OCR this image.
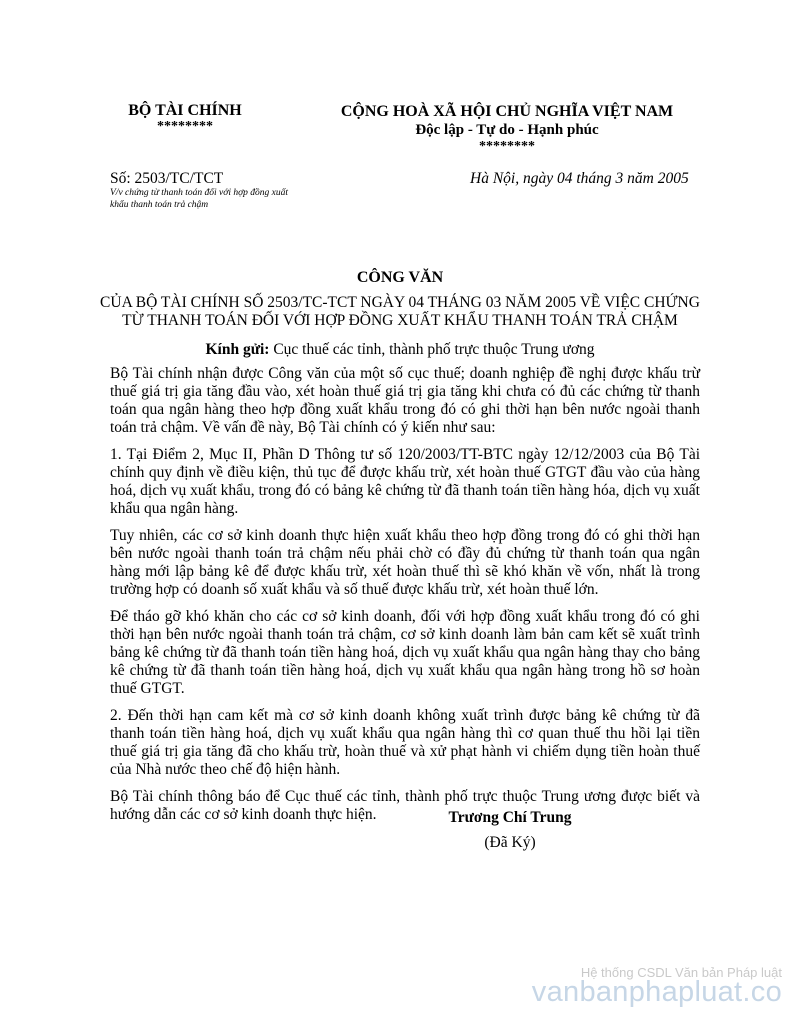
BỘ TÀI CHÍNH
********
CỘNG HOÀ XÃ HỘI CHỦ NGHĨA VIỆT NAM
Độc lập - Tự do - Hạnh phúc
********
Số: 2503/TC/TCT
V/v chứng từ thanh toán đối với hợp đồng xuất
khẩu thanh toán trả chậm
Hà Nội, ngày 04 tháng 3 năm 2005
CÔNG VĂN
CỦA BỘ TÀI CHÍNH SỐ 2503/TC-TCT NGÀY 04 THÁNG 03 NĂM 2005 VỀ VIỆC CHỨNG
TỪ THANH TOÁN ĐỐI VỚI HỢP ĐỒNG XUẤT KHẨU THANH TOÁN TRẢ CHẬM
Kính gửi: Cục thuế các tỉnh, thành phố trực thuộc Trung ương

Bộ Tài chính nhận được Công văn của một số cục thuế; doanh nghiệp đề nghị được khấu trừ thuế giá trị gia tăng đầu vào, xét hoàn thuế giá trị gia tăng khi chưa có đủ các chứng từ thanh toán qua ngân hàng theo hợp đồng xuất khẩu trong đó có ghi thời hạn bên nước ngoài thanh toán trả chậm. Về vấn đề này, Bộ Tài chính có ý kiến như sau:

1. Tại Điểm 2, Mục II, Phần D Thông tư số 120/2003/TT-BTC ngày 12/12/2003 của Bộ Tài chính quy định về điều kiện, thủ tục để được khấu trừ, xét hoàn thuế GTGT đầu vào của hàng hoá, dịch vụ xuất khẩu, trong đó có bảng kê chứng từ đã thanh toán tiền hàng hóa, dịch vụ xuất khẩu qua ngân hàng.

Tuy nhiên, các cơ sở kinh doanh thực hiện xuất khẩu theo hợp đồng trong đó có ghi thời hạn bên nước ngoài thanh toán trả chậm nếu phải chờ có đầy đủ chứng từ thanh toán qua ngân hàng mới lập bảng kê để được khấu trừ, xét hoàn thuế thì sẽ khó khăn về vốn, nhất là trong trường hợp có doanh số xuất khẩu và số thuế được khấu trừ, xét hoàn thuế lớn.

Để tháo gỡ khó khăn cho các cơ sở kinh doanh, đối với hợp đồng xuất khẩu trong đó có ghi thời hạn bên nước ngoài thanh toán trả chậm, cơ sở kinh doanh làm bản cam kết sẽ xuất trình bảng kê chứng từ đã thanh toán tiền hàng hoá, dịch vụ xuất khẩu qua ngân hàng thay cho bảng kê chứng từ đã thanh toán tiền hàng hoá, dịch vụ xuất khẩu qua ngân hàng trong hồ sơ hoàn thuế GTGT.

2. Đến thời hạn cam kết mà cơ sở kinh doanh không xuất trình được bảng kê chứng từ đã thanh toán tiền hàng hoá, dịch vụ xuất khẩu qua ngân hàng thì cơ quan thuế thu hồi lại tiền thuế giá trị gia tăng đã cho khấu trừ, hoàn thuế và xử phạt hành vi chiếm dụng tiền hoàn thuế của Nhà nước theo chế độ hiện hành.

Bộ Tài chính thông báo để Cục thuế các tỉnh, thành phố trực thuộc Trung ương được biết và hướng dẫn các cơ sở kinh doanh thực hiện.	Trương Chí Trung
(Đã Ký)
Hệ thống CSDL Văn bản Pháp luật
vanbanphapluat.co
